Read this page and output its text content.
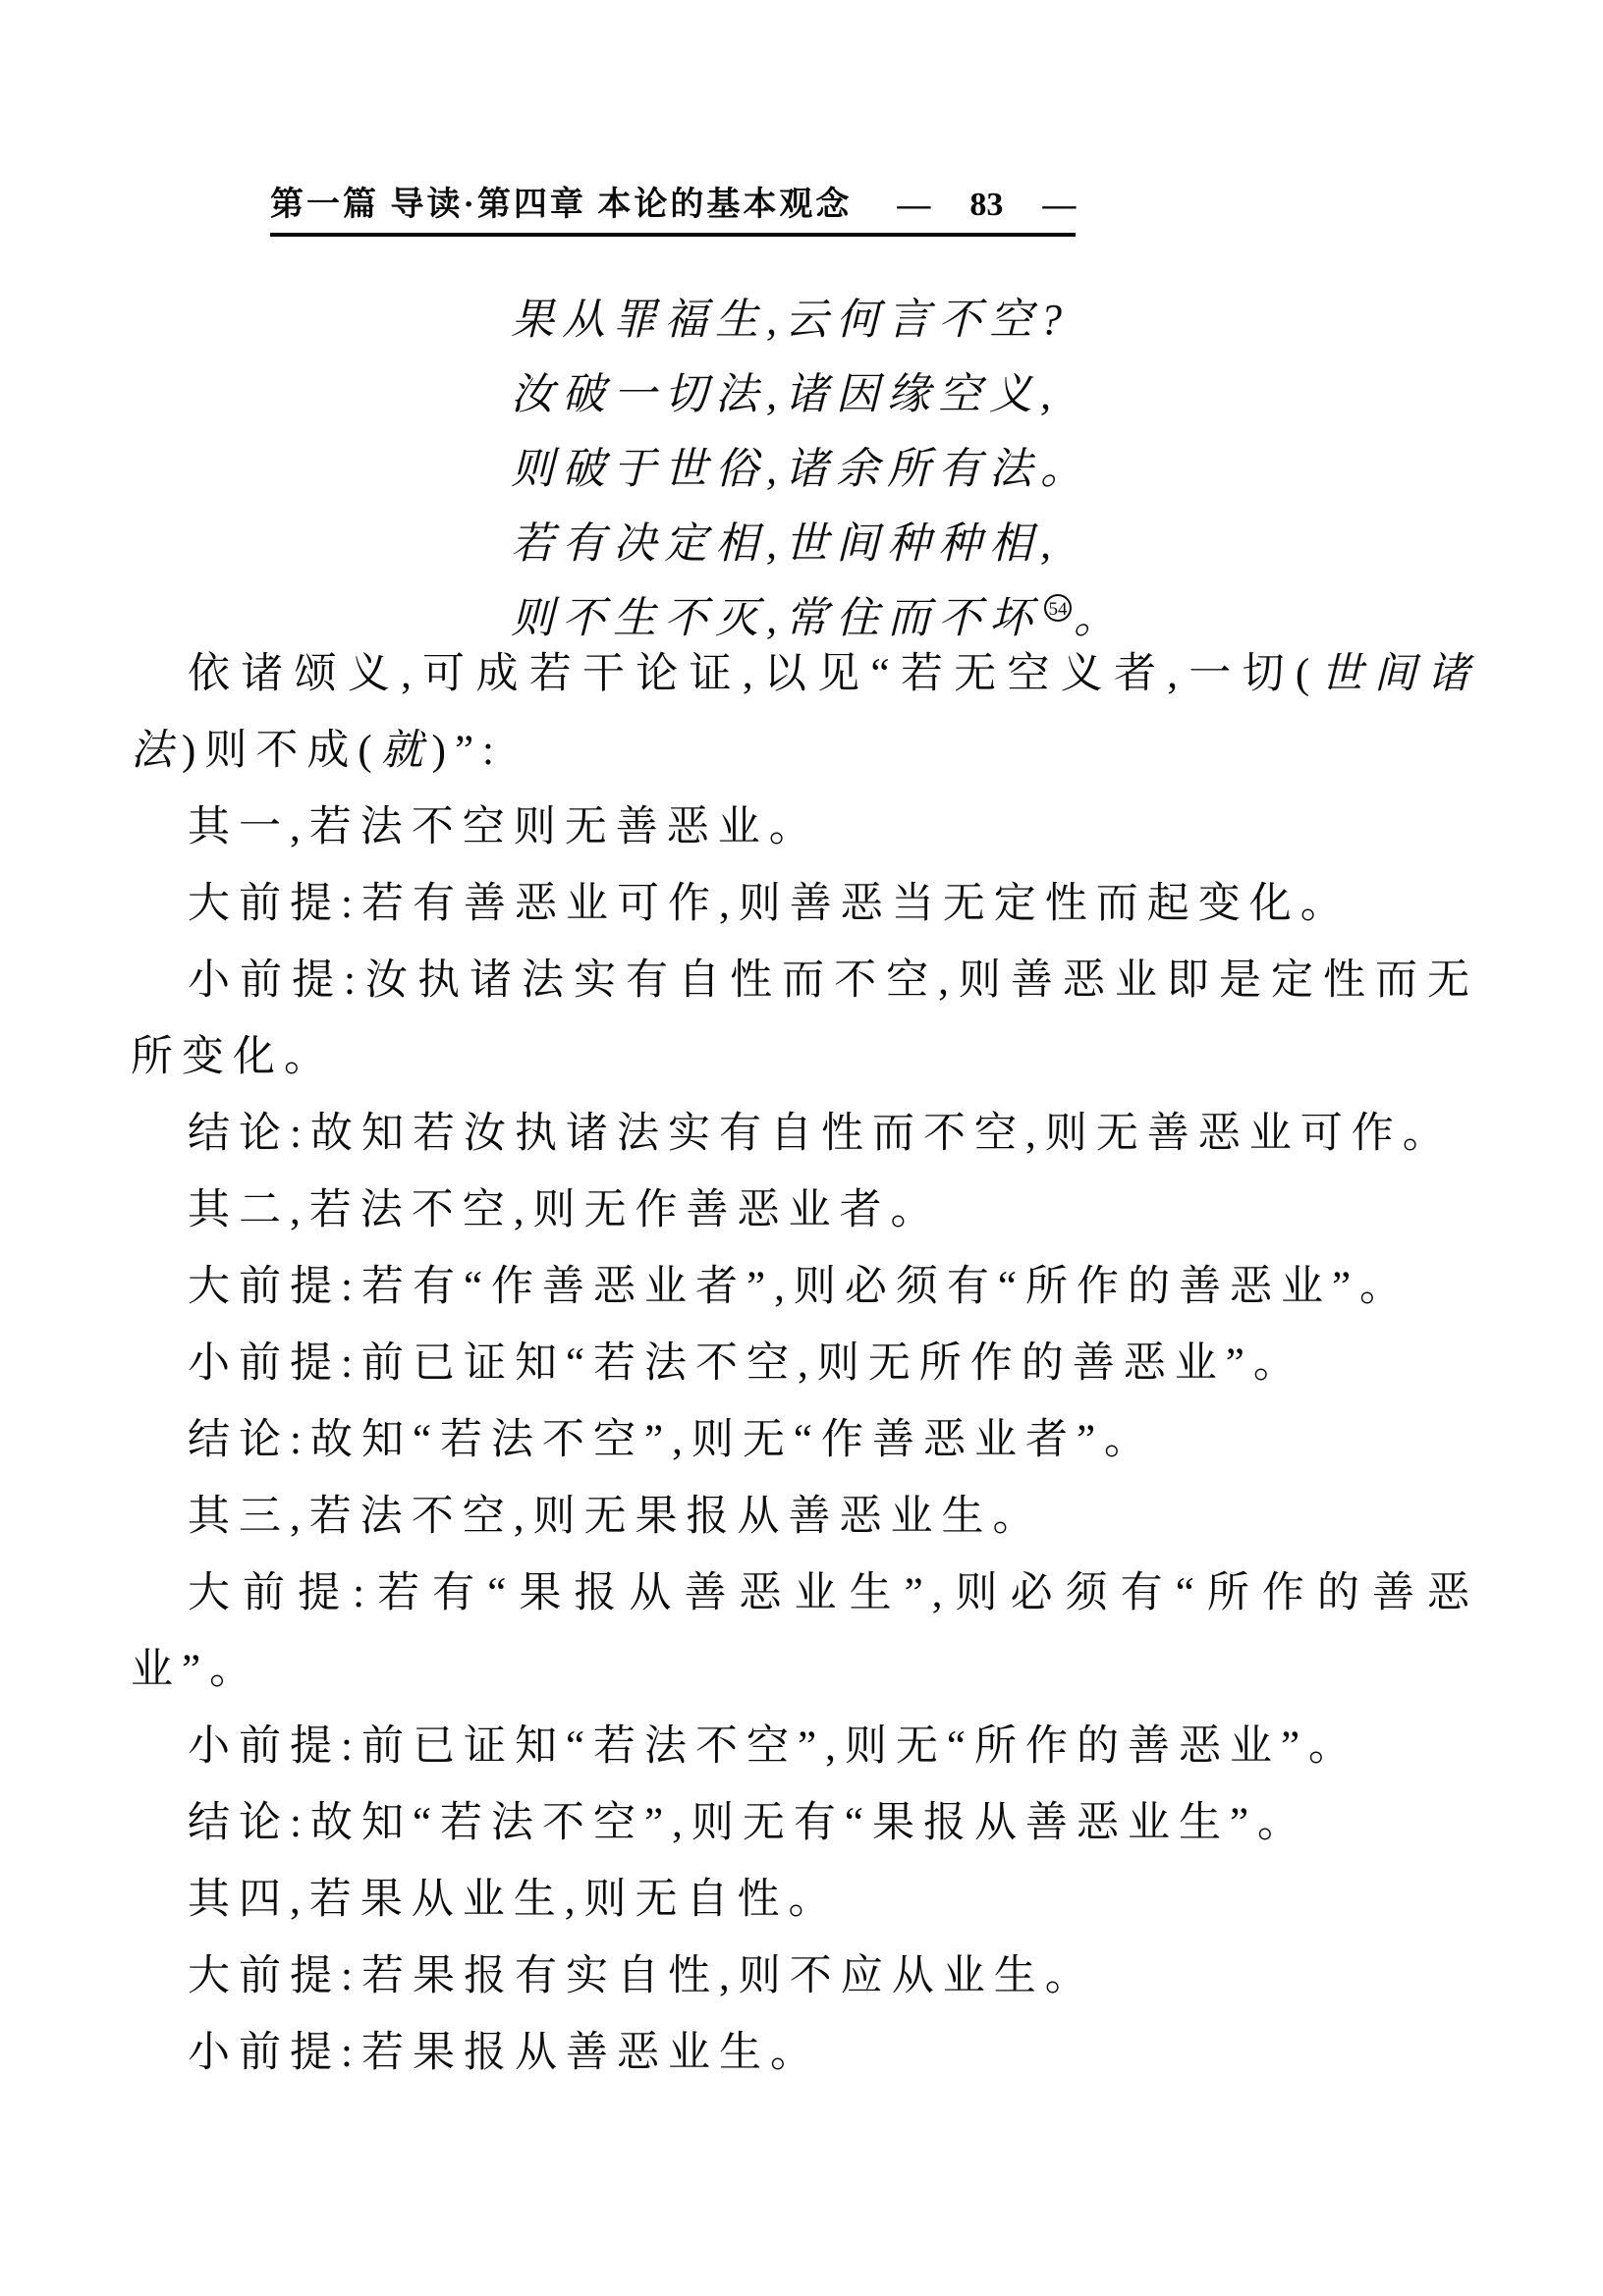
第一篇 导读·第四章 本论的基本观念 — 83 —
果从罪福生,云何言不空?
汝破一切法,诸因缘空义,
则破于世俗,诸余所有法。
若有决定相,世间种种相,
则不生不灭,常住而不坏 54 。

依诸颂义,可成若干论证,以见“若无空义者,一切(世间诸法)则不成(就)”:

其一,若法不空则无善恶业。

大前提:若有善恶业可作,则善恶当无定性而起变化。

小前提:汝执诸法实有自性而不空,则善恶业即是定性而无所变化。

结论:故知若汝执诸法实有自性而不空,则无善恶业可作。

其二,若法不空,则无作善恶业者。

大前提:若有“作善恶业者”,则必须有“所作的善恶业”。

小前提:前已证知“若法不空,则无所作的善恶业”。

结论:故知“若法不空”,则无“作善恶业者”。

其三,若法不空,则无果报从善恶业生。

大前提:若有“果报从善恶业生”,则必须有“所作的善恶业”。

小前提:前已证知“若法不空”,则无“所作的善恶业”。

结论:故知“若法不空”,则无有“果报从善恶业生”。

其四,若果从业生,则无自性。

大前提:若果报有实自性,则不应从业生。

小前提:若果报从善恶业生。
